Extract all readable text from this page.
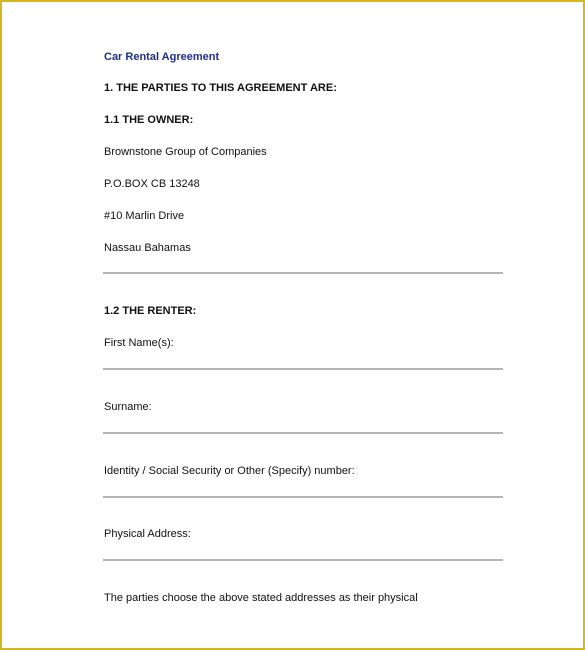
Car Rental Agreement
1. THE PARTIES TO THIS AGREEMENT ARE:
1.1 THE OWNER:
Brownstone Group of Companies
P.O.BOX CB 13248
#10 Marlin Drive
Nassau Bahamas
1.2 THE RENTER:
First Name(s):
Surname:
Identity / Social Security or Other (Specify) number:
Physical Address:
The parties choose the above stated addresses as their physical
